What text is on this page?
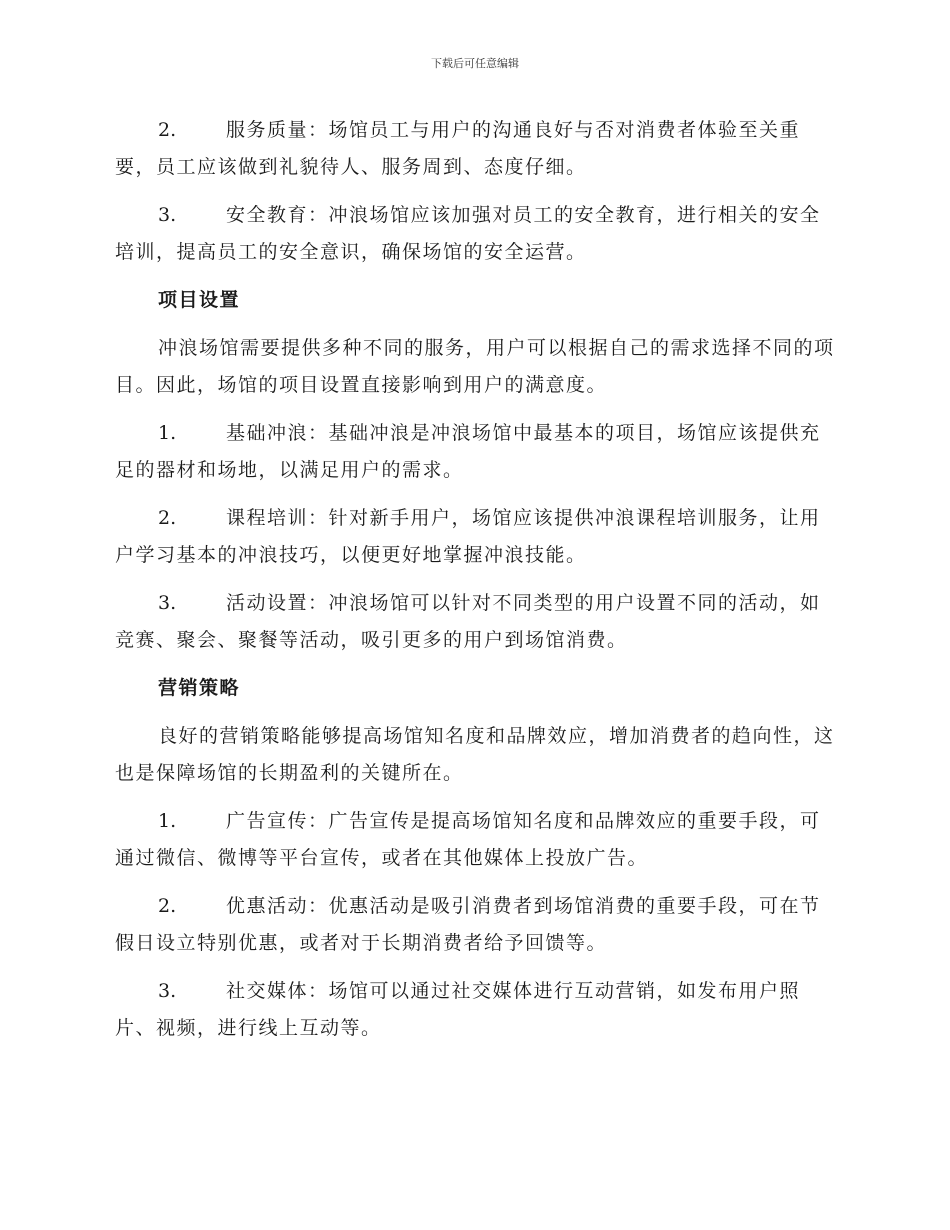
下载后可任意编辑

2.	服务质量：场馆员工与用户的沟通良好与否对消费者体验至关重要，员工应该做到礼貌待人、服务周到、态度仔细。

3.	安全教育：冲浪场馆应该加强对员工的安全教育，进行相关的安全培训，提高员工的安全意识，确保场馆的安全运营。

项目设置

冲浪场馆需要提供多种不同的服务，用户可以根据自己的需求选择不同的项目。因此，场馆的项目设置直接影响到用户的满意度。

1.	基础冲浪：基础冲浪是冲浪场馆中最基本的项目，场馆应该提供充足的器材和场地，以满足用户的需求。

2.	课程培训：针对新手用户，场馆应该提供冲浪课程培训服务，让用户学习基本的冲浪技巧，以便更好地掌握冲浪技能。

3.	活动设置：冲浪场馆可以针对不同类型的用户设置不同的活动，如竞赛、聚会、聚餐等活动，吸引更多的用户到场馆消费。

营销策略

良好的营销策略能够提高场馆知名度和品牌效应，增加消费者的趋向性，这也是保障场馆的长期盈利的关键所在。

1.	广告宣传：广告宣传是提高场馆知名度和品牌效应的重要手段，可通过微信、微博等平台宣传，或者在其他媒体上投放广告。

2.	优惠活动：优惠活动是吸引消费者到场馆消费的重要手段，可在节假日设立特别优惠，或者对于长期消费者给予回馈等。

3.	社交媒体：场馆可以通过社交媒体进行互动营销，如发布用户照片、视频，进行线上互动等。
